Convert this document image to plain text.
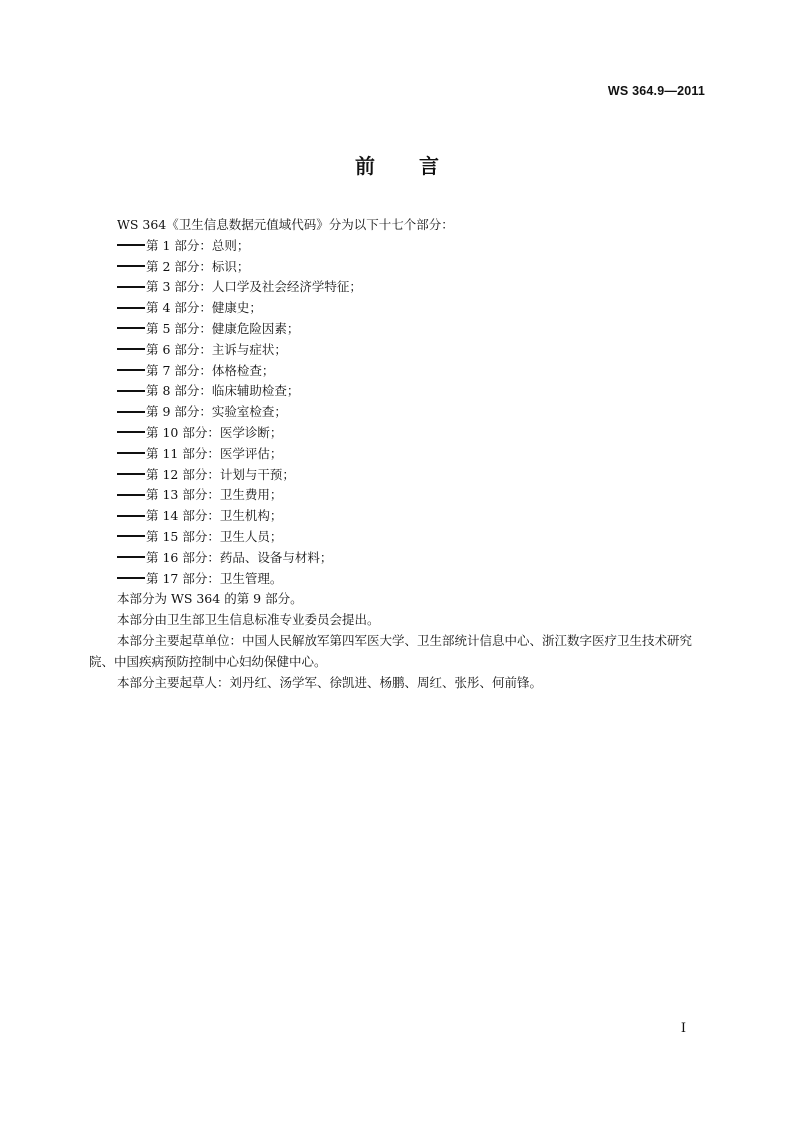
WS 364.9—2011
前 言

WS 364《卫生信息数据元值域代码》分为以下十七个部分：

第 1 部分：总则；
第 2 部分：标识；
第 3 部分：人口学及社会经济学特征；
第 4 部分：健康史；
第 5 部分：健康危险因素；
第 6 部分：主诉与症状；
第 7 部分：体格检查；
第 8 部分：临床辅助检查；
第 9 部分：实验室检查；
第 10 部分：医学诊断；
第 11 部分：医学评估；
第 12 部分：计划与干预；
第 13 部分：卫生费用；
第 14 部分：卫生机构；
第 15 部分：卫生人员；
第 16 部分：药品、设备与材料；
第 17 部分：卫生管理。

本部分为 WS 364 的第 9 部分。

本部分由卫生部卫生信息标准专业委员会提出。

本部分主要起草单位：中国人民解放军第四军医大学、卫生部统计信息中心、浙江数字医疗卫生技术研究院、中国疾病预防控制中心妇幼保健中心。

本部分主要起草人：刘丹红、汤学军、徐凯进、杨鹏、周红、张彤、何前锋。

I
